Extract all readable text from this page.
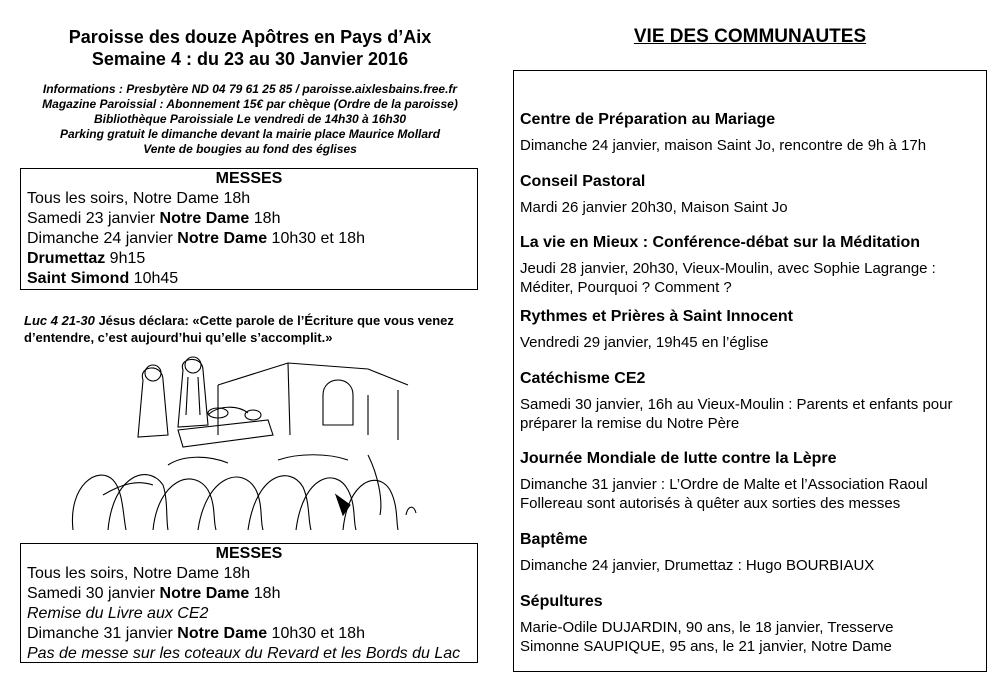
Paroisse des douze Apôtres en Pays d’Aix
Semaine 4 : du 23 au 30 Janvier 2016
Informations : Presbytère ND 04 79 61 25 85 / paroisse.aixlesbains.free.fr
Magazine Paroissial : Abonnement 15€ par chèque (Ordre de la paroisse)
Bibliothèque Paroissiale Le vendredi de 14h30 à 16h30
Parking gratuit le dimanche devant la mairie place Maurice Mollard
Vente de bougies au fond des églises
MESSES
Tous les soirs, Notre Dame 18h
Samedi 23 janvier Notre Dame 18h
Dimanche 24 janvier Notre Dame 10h30 et 18h
Drumettaz 9h15
Saint Simond 10h45
Luc 4 21-30 Jésus déclara: «Cette parole de l’Écriture que vous venez d’entendre, c’est aujourd’hui qu’elle s’accomplit.»
MESSES
Tous les soirs, Notre Dame 18h
Samedi 30 janvier Notre Dame 18h
Remise du Livre aux CE2
Dimanche 31 janvier Notre Dame 10h30 et 18h
Pas de messe sur les coteaux du Revard et les Bords du Lac
VIE DES COMMUNAUTES
Centre de Préparation au Mariage
Dimanche 24 janvier, maison Saint Jo, rencontre de 9h à 17h
Conseil Pastoral
Mardi 26 janvier 20h30, Maison Saint Jo
La vie en Mieux : Conférence-débat sur la Méditation
Jeudi 28 janvier, 20h30, Vieux-Moulin, avec Sophie Lagrange : Méditer, Pourquoi ? Comment ?
Rythmes et Prières à Saint Innocent
Vendredi 29 janvier, 19h45 en l’église
Catéchisme CE2
Samedi 30 janvier, 16h au Vieux-Moulin : Parents et enfants pour préparer la remise du Notre Père
Journée Mondiale de lutte contre la Lèpre
Dimanche 31 janvier : L’Ordre de Malte et l’Association Raoul Follereau sont autorisés à quêter aux sorties des messes
Baptême
Dimanche 24 janvier, Drumettaz : Hugo BOURBIAUX
Sépultures
Marie-Odile DUJARDIN, 90 ans, le 18 janvier, Tresserve
Simonne SAUPIQUE, 95 ans, le 21 janvier, Notre Dame
